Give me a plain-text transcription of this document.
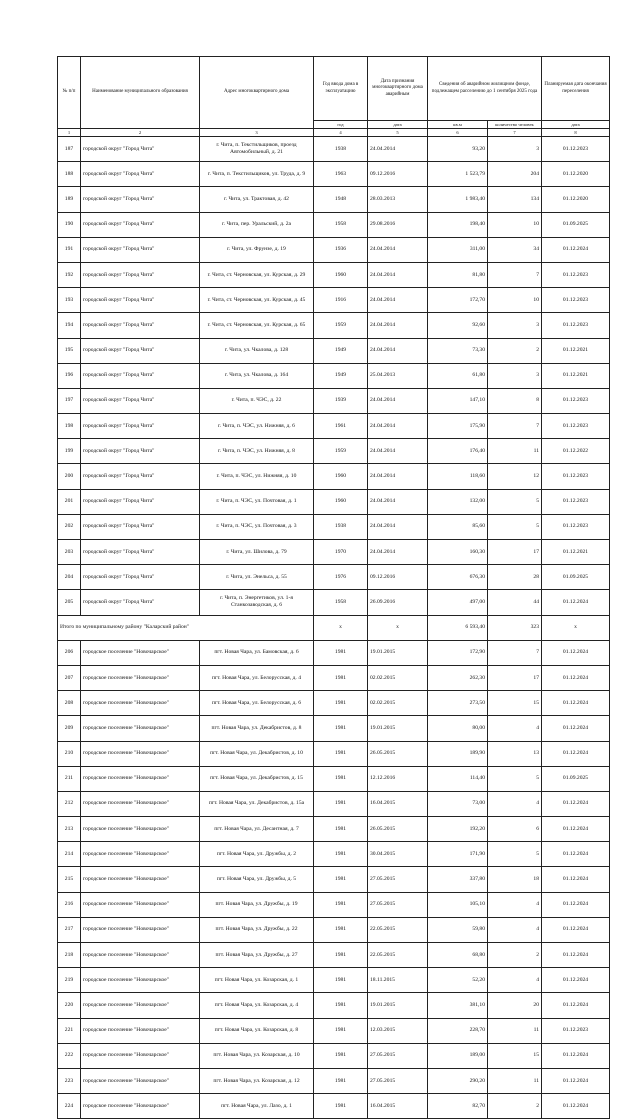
№ п/п	Наименование муниципального образования	Адрес многоквартирного дома	Год ввода дома в эксплуатацию	Дата признания многоквартирного дома аварийным	Сведения об аварийном жилищном фонде, подлежащем расселению до 1 сентября 2025 года		Планируемая дата окончания переселения
			год	дата	кв.м	количество человек	дата
1	2	3	4	5	6	7	8
187	городской округ "Город Чита"	г. Чита, п. Текстильщиков, проезд Автомобильный, д. 21	1938	24.04.2014	93,20	3	01.12.2023
188	городской округ "Город Чита"	г. Чита, п. Текстильщиков, ул. Труда, д. 9	1963	09.12.2016	1 523,79	204	01.12.2020
189	городской округ "Город Чита"	г. Чита, ул. Трактовая, д. 42	1948	28.03.2013	1 983,40	134	01.12.2020
190	городской округ "Город Чита"	г. Чита, пер. Уральский, д. 2а	1958	29.08.2016	198,40	10	01.09.2025
191	городской округ "Город Чита"	г. Чита, ул. Фрунзе, д. 19	1936	24.04.2014	311,00	34	01.12.2024
192	городской округ "Город Чита"	г. Чита, ст. Черновская, ул. Курская, д. 29	1960	24.04.2014	81,80	7	01.12.2023
193	городской округ "Город Чита"	г. Чита, ст. Черновская, ул. Курская, д. 45	1916	24.04.2014	172,70	10	01.12.2023
194	городской округ "Город Чита"	г. Чита, ст. Черновская, ул. Курская, д. 65	1959	24.04.2014	92,60	3	01.12.2023
195	городской округ "Город Чита"	г. Чита, ул. Чкалова, д. 128	1949	24.04.2014	73,30	2	01.12.2021
196	городской округ "Город Чита"	г. Чита, ул. Чкалова, д. 164	1949	25.04.2013	61,80	3	01.12.2021
197	городской округ "Город Чита"	г. Чита, п. ЧЭС, д. 22	1939	24.04.2014	147,10	8	01.12.2023
198	городской округ "Город Чита"	г. Чита, п. ЧЭС, ул. Нижняя, д. 6	1961	24.04.2014	175,90	7	01.12.2023
199	городской округ "Город Чита"	г. Чита, п. ЧЭС, ул. Нижняя, д. 8	1959	24.04.2014	176,40	11	01.12.2022
200	городской округ "Город Чита"	г. Чита, п. ЧЭС, ул. Нижняя, д. 10	1960	24.04.2014	118,60	12	01.12.2023
201	городской округ "Город Чита"	г. Чита, п. ЧЭС, ул. Почтовая, д. 1	1960	24.04.2014	132,00	5	01.12.2023
202	городской округ "Город Чита"	г. Чита, п. ЧЭС, ул. Почтовая, д. 3	1938	24.04.2014	85,60	5	01.12.2023
203	городской округ "Город Чита"	г. Чита, ул. Шилова, д. 79	1970	24.04.2014	160,30	17	01.12.2021
204	городской округ "Город Чита"	г. Чита, ул. Энельса, д. 55	1976	09.12.2016	676,30	28	01.09.2025
205	городской округ "Город Чита"	г. Чита, п. Энергетиков, ул. 1-я Станкозаводская, д. 6	1958	26.09.2016	497,00	44	01.12.2024
Итого по муниципальному району "Каларский район"			x	x	6 593,40	323	x
206	городское поселение "Новочарское"	пгт. Новая Чара, ул. Бамовская, д. 6	1981	19.01.2015	172,90	7	01.12.2024
207	городское поселение "Новочарское"	пгт. Новая Чара, ул. Белорусская, д. 4	1981	02.02.2015	262,30	17	01.12.2024
208	городское поселение "Новочарское"	пгт. Новая Чара, ул. Белорусская, д. 6	1981	02.02.2015	273,50	15	01.12.2024
209	городское поселение "Новочарское"	пгт. Новая Чара, ул. Декабристов, д. 8	1981	19.01.2015	80,00	4	01.12.2024
210	городское поселение "Новочарское"	пгт. Новая Чара, ул. Декабристов, д. 10	1981	26.05.2015	189,90	13	01.12.2024
211	городское поселение "Новочарское"	пгт. Новая Чара, ул. Декабристов, д. 15	1981	12.12.2016	114,40	5	01.09.2025
212	городское поселение "Новочарское"	пгт. Новая Чара, ул. Декабристов, д. 15а	1981	16.04.2015	73,00	4	01.12.2024
213	городское поселение "Новочарское"	пгт. Новая Чара, ул. Десантная, д. 7	1981	26.05.2015	192,20	6	01.12.2024
214	городское поселение "Новочарское"	пгт. Новая Чара, ул. Дружбы, д. 2	1981	30.04.2015	171,90	5	01.12.2024
215	городское поселение "Новочарское"	пгт. Новая Чара, ул. Дружбы, д. 5	1981	27.05.2015	337,80	18	01.12.2024
216	городское поселение "Новочарское"	пгт. Новая Чара, ул. Дружбы, д. 19	1981	27.05.2015	105,10	4	01.12.2024
217	городское поселение "Новочарское"	пгт. Новая Чара, ул. Дружбы, д. 22	1981	22.05.2015	59,80	4	01.12.2024
218	городское поселение "Новочарское"	пгт. Новая Чара, ул. Дружбы, д. 27	1981	22.05.2015	68,80	2	01.12.2024
219	городское поселение "Новочарское"	пгт. Новая Чара, ул. Козарская, д. 1	1981	18.11.2015	52,20	4	01.12.2024
220	городское поселение "Новочарское"	пгт. Новая Чара, ул. Козарская, д. 4	1981	19.01.2015	381,10	20	01.12.2024
221	городское поселение "Новочарское"	пгт. Новая Чара, ул. Козарская, д. 8	1981	12.03.2015	228,70	11	01.12.2023
222	городское поселение "Новочарское"	пгт. Новая Чара, ул. Козарская, д. 10	1981	27.05.2015	189,00	15	01.12.2024
223	городское поселение "Новочарское"	пгт. Новая Чара, ул. Козарская, д. 12	1981	27.05.2015	290,20	11	01.12.2024
224	городское поселение "Новочарское"	пгт. Новая Чара, ул. Лазо, д. 1	1981	16.04.2015	82,70	2	01.12.2024
